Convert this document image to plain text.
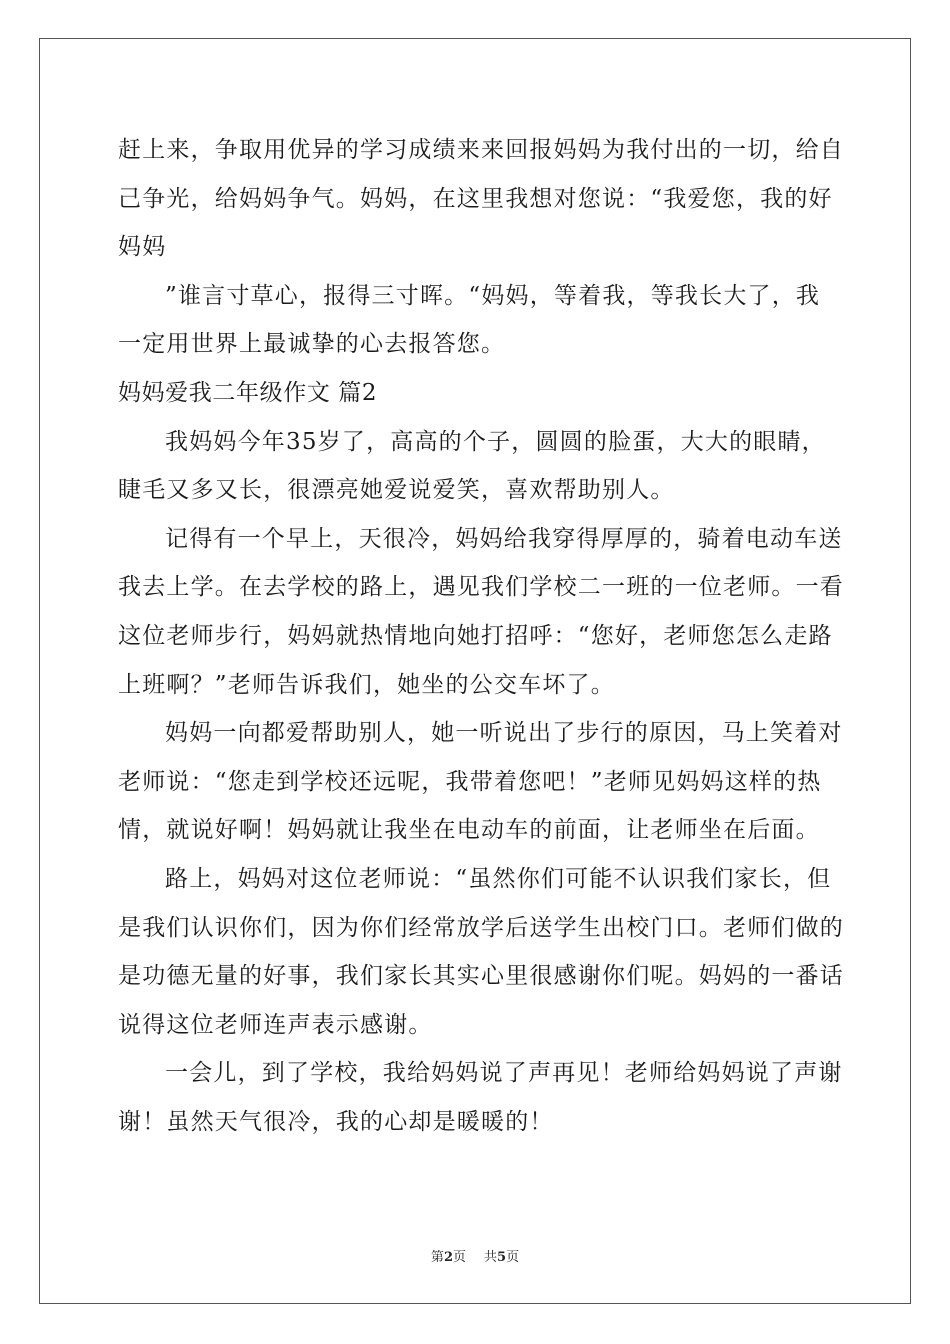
赶上来，争取用优异的学习成绩来来回报妈妈为我付出的一切，给自
己争光，给妈妈争气。妈妈，在这里我想对您说：“我爱您，我的好
妈妈
”谁言寸草心，报得三寸晖。“妈妈，等着我，等我长大了，我
一定用世界上最诚挚的心去报答您。
妈妈爱我二年级作文 篇2
我妈妈今年35岁了，高高的个子，圆圆的脸蛋，大大的眼睛，
睫毛又多又长，很漂亮她爱说爱笑，喜欢帮助别人。
记得有一个早上，天很冷，妈妈给我穿得厚厚的，骑着电动车送
我去上学。在去学校的路上，遇见我们学校二一班的一位老师。一看
这位老师步行，妈妈就热情地向她打招呼：“您好，老师您怎么走路
上班啊？”老师告诉我们，她坐的公交车坏了。
妈妈一向都爱帮助别人，她一听说出了步行的原因，马上笑着对
老师说：“您走到学校还远呢，我带着您吧！”老师见妈妈这样的热
情，就说好啊！妈妈就让我坐在电动车的前面，让老师坐在后面。
路上，妈妈对这位老师说：“虽然你们可能不认识我们家长，但
是我们认识你们，因为你们经常放学后送学生出校门口。老师们做的
是功德无量的好事，我们家长其实心里很感谢你们呢。妈妈的一番话
说得这位老师连声表示感谢。
一会儿，到了学校，我给妈妈说了声再见！老师给妈妈说了声谢
谢！虽然天气很冷，我的心却是暖暖的！
第2页 共5页
